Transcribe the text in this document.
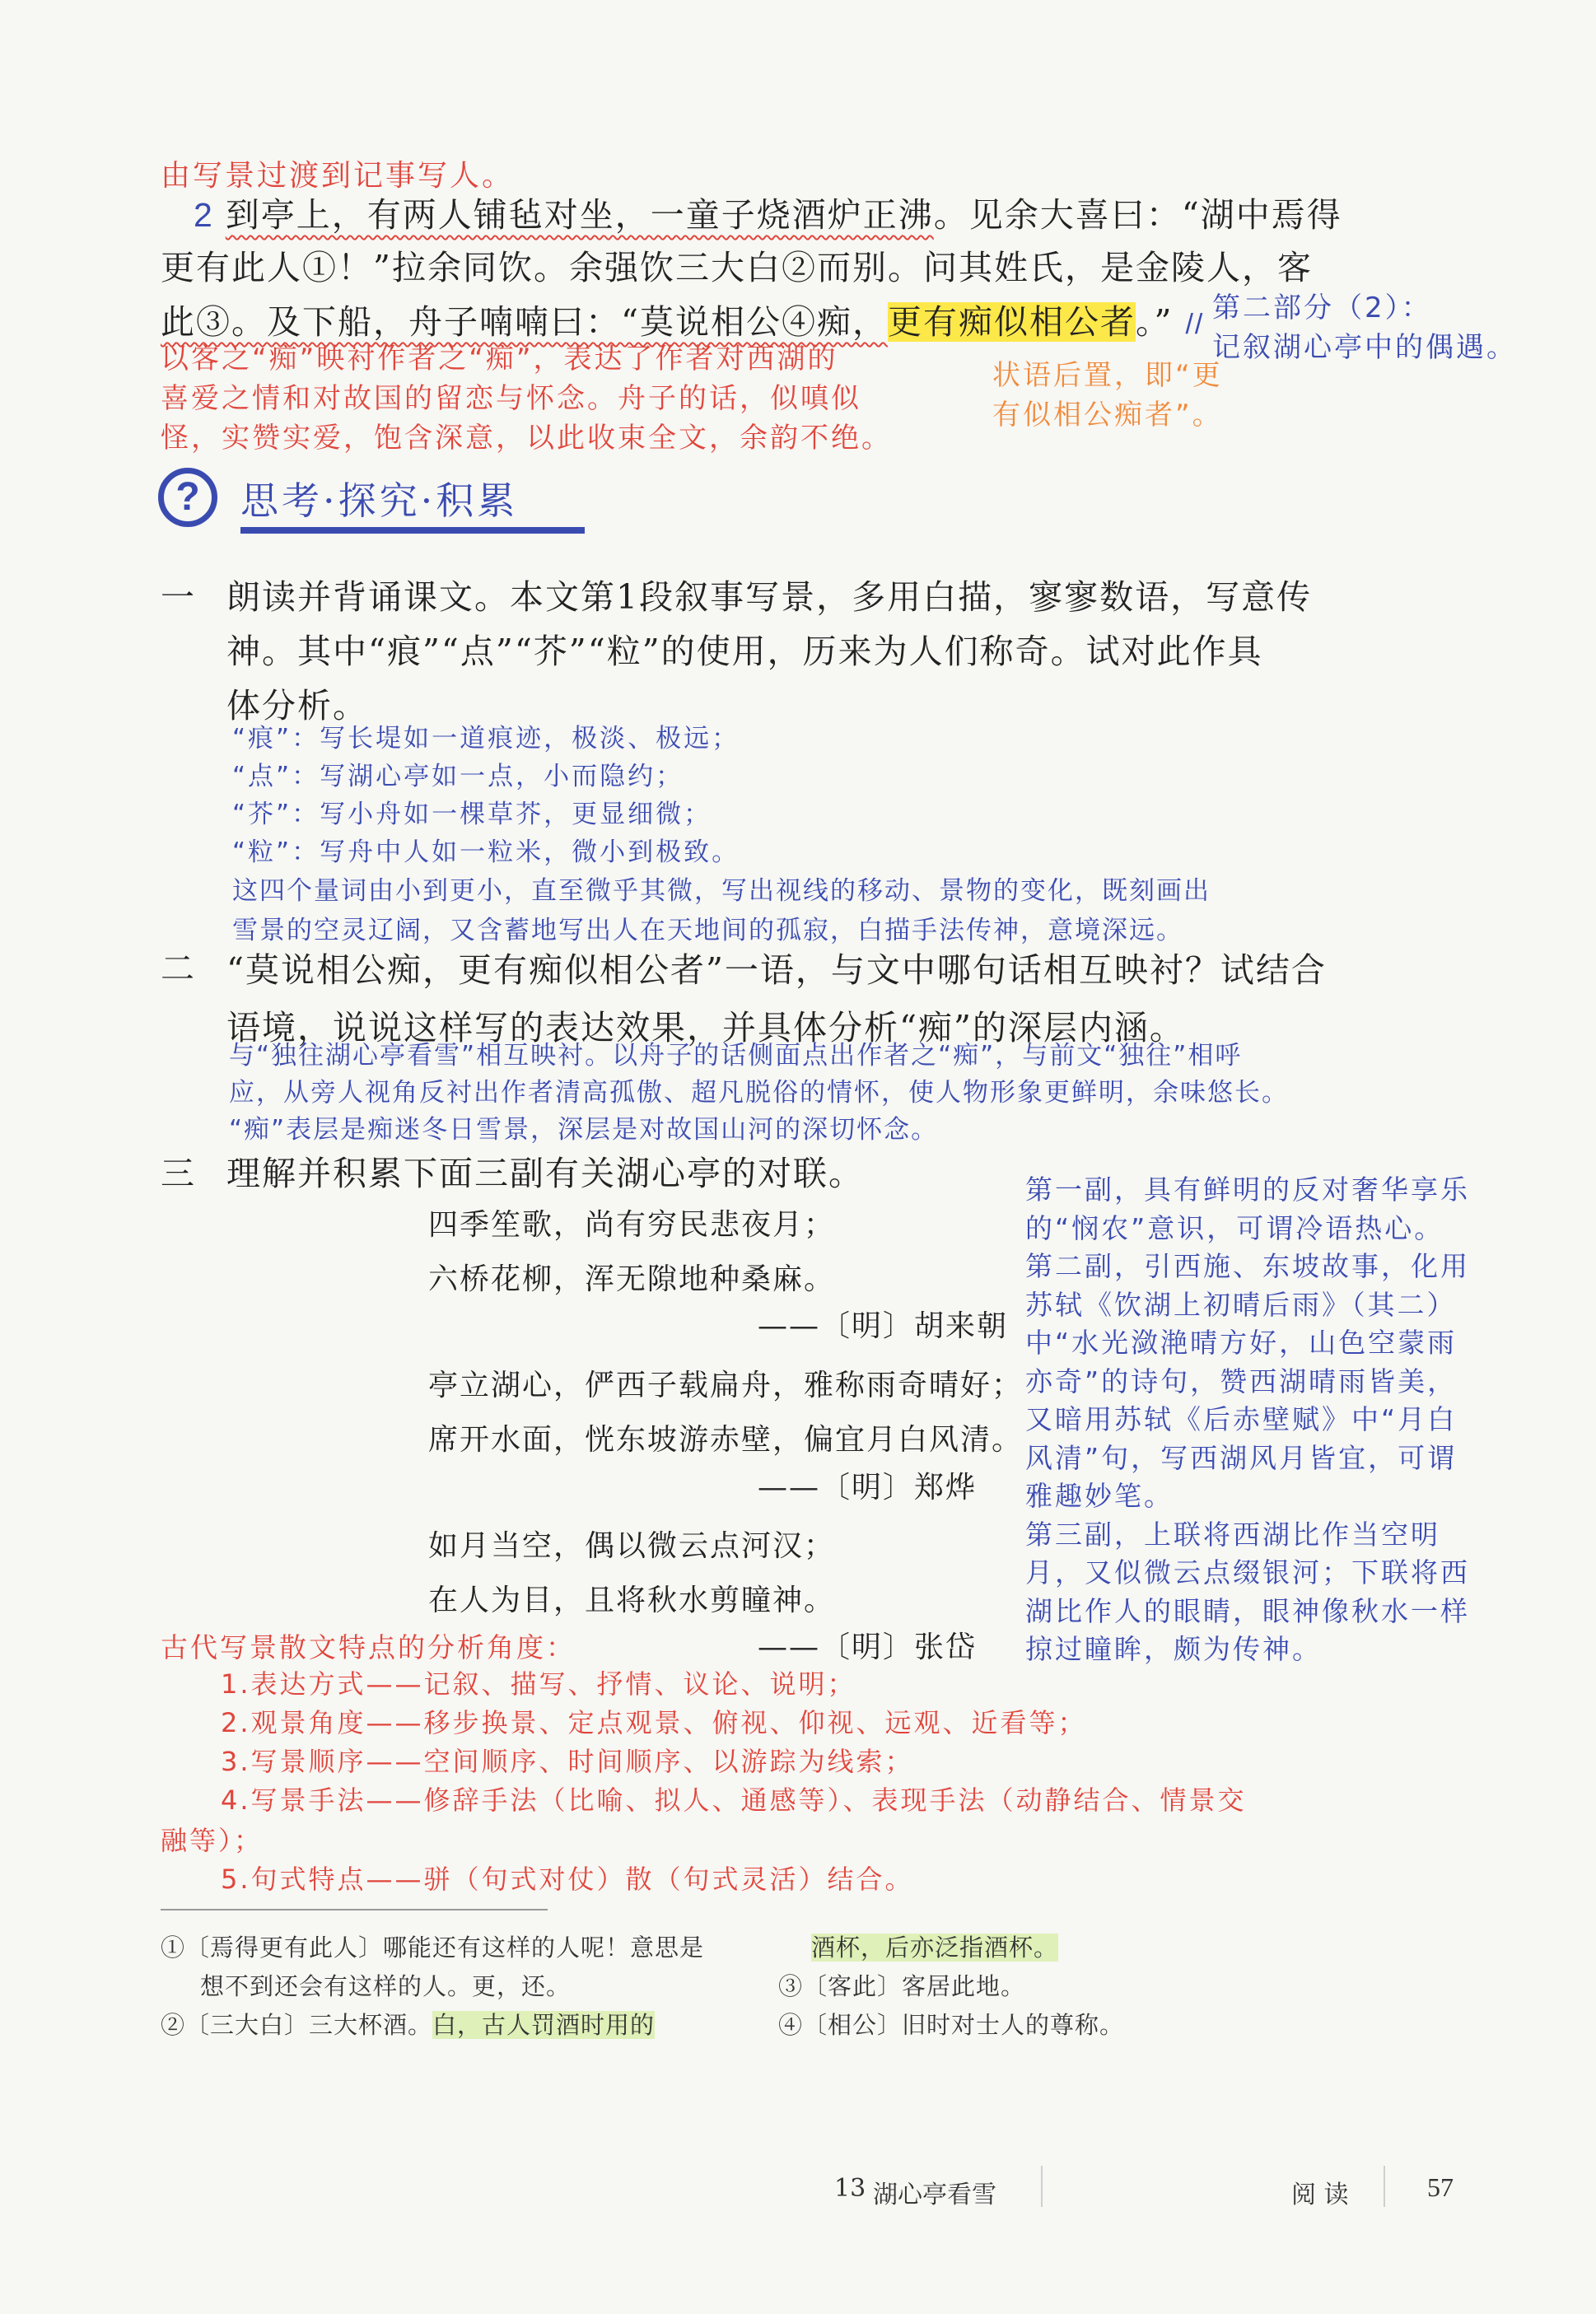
由写景过渡到记事写人。
2 到亭上，有两人铺毡对坐，一童子烧酒炉正沸。见余大喜曰：“湖中焉得
更有此人①！”拉余同饮。余强饮三大白②而别。问其姓氏，是金陵人，客
此③。及下船，舟子喃喃曰：“莫说相公④痴，更有痴似相公者。” // 第二部分（2）：
记叙湖心亭中的偶遇。
以客之“痴”映衬作者之“痴”，表达了作者对西湖的
喜爱之情和对故国的留恋与怀念。舟子的话，似嗔似
怪，实赞实爱，饱含深意，以此收束全文，余韵不绝。
状语后置，即“更
有似相公痴者”。
? 思考·探究·积累
一 朗读并背诵课文。本文第1段叙事写景，多用白描，寥寥数语，写意传
神。其中“痕”“点”“芥”“粒”的使用，历来为人们称奇。试对此作具
体分析。
“痕”：写长堤如一道痕迹，极淡、极远；
“点”：写湖心亭如一点，小而隐约；
“芥”：写小舟如一棵草芥，更显细微；
“粒”：写舟中人如一粒米，微小到极致。
这四个量词由小到更小，直至微乎其微，写出视线的移动、景物的变化，既刻画出
雪景的空灵辽阔，又含蓄地写出人在天地间的孤寂，白描手法传神，意境深远。
二 “莫说相公痴，更有痴似相公者”一语，与文中哪句话相互映衬？试结合
语境，说说这样写的表达效果，并具体分析“痴”的深层内涵。
与“独往湖心亭看雪”相互映衬。以舟子的话侧面点出作者之“痴”，与前文“独往”相呼
应，从旁人视角反衬出作者清高孤傲、超凡脱俗的情怀，使人物形象更鲜明，余味悠长。
“痴”表层是痴迷冬日雪景，深层是对故国山河的深切怀念。
三 理解并积累下面三副有关湖心亭的对联。
四季笙歌，尚有穷民悲夜月；
六桥花柳，浑无隙地种桑麻。
——〔明〕胡来朝
亭立湖心，俨西子载扁舟，雅称雨奇晴好；
席开水面，恍东坡游赤壁，偏宜月白风清。
——〔明〕郑烨
如月当空，偶以微云点河汉；
在人为目，且将秋水剪瞳神。
——〔明〕张岱
第一副，具有鲜明的反对奢华享乐
的“悯农”意识，可谓冷语热心。
第二副，引西施、东坡故事，化用
苏轼《饮湖上初晴后雨》（其二）
中“水光潋滟晴方好，山色空蒙雨
亦奇”的诗句，赞西湖晴雨皆美，
又暗用苏轼《后赤壁赋》中“月白
风清”句，写西湖风月皆宜，可谓
雅趣妙笔。
第三副，上联将西湖比作当空明
月，又似微云点缀银河；下联将西
湖比作人的眼睛，眼神像秋水一样
掠过瞳眸，颇为传神。
古代写景散文特点的分析角度：
1.表达方式——记叙、描写、抒情、议论、说明；
2.观景角度——移步换景、定点观景、俯视、仰视、远观、近看等；
3.写景顺序——空间顺序、时间顺序、以游踪为线索；
4.写景手法——修辞手法（比喻、拟人、通感等）、表现手法（动静结合、情景交
融等）；
5.句式特点——骈（句式对仗）散（句式灵活）结合。
①〔焉得更有此人〕哪能还有这样的人呢！意思是
想不到还会有这样的人。更，还。
②〔三大白〕三大杯酒。白，古人罚酒时用的
酒杯，后亦泛指酒杯。
③〔客此〕客居此地。
④〔相公〕旧时对士人的尊称。
13 湖心亭看雪	阅 读	57
